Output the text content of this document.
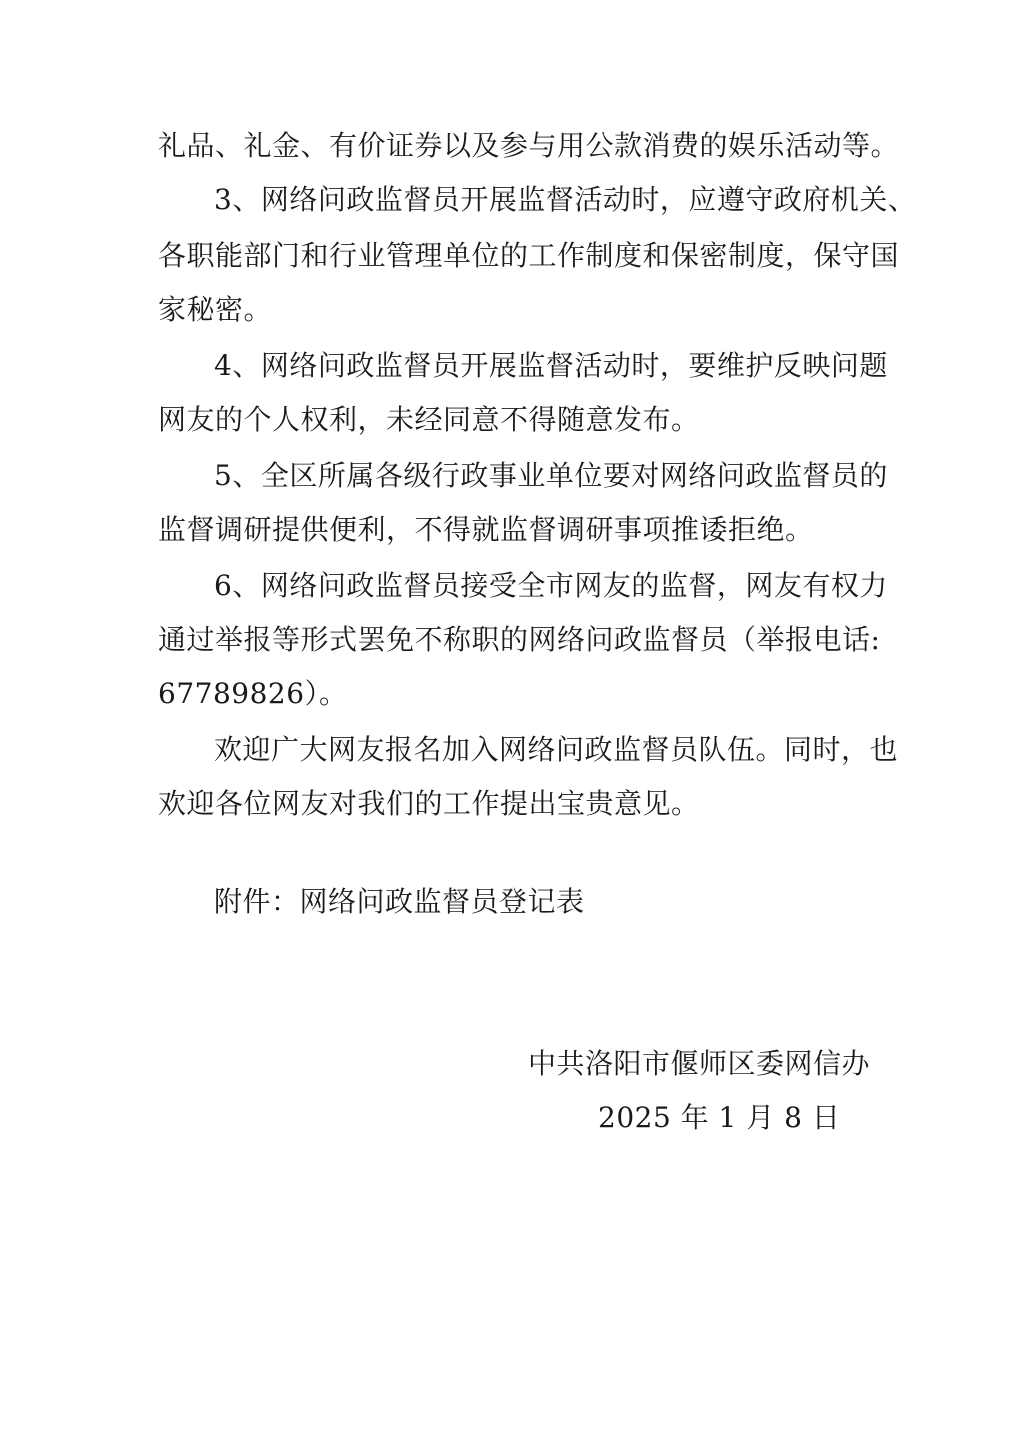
礼品、礼金、有价证券以及参与用公款消费的娱乐活动等。
3、网络问政监督员开展监督活动时，应遵守政府机关、
各职能部门和行业管理单位的工作制度和保密制度，保守国
家秘密。
4、网络问政监督员开展监督活动时，要维护反映问题
网友的个人权利，未经同意不得随意发布。
5、全区所属各级行政事业单位要对网络问政监督员的
监督调研提供便利，不得就监督调研事项推诿拒绝。
6、网络问政监督员接受全市网友的监督，网友有权力
通过举报等形式罢免不称职的网络问政监督员（举报电话:
67789826）。
欢迎广大网友报名加入网络问政监督员队伍。同时，也
欢迎各位网友对我们的工作提出宝贵意见。
附件：网络问政监督员登记表
中共洛阳市偃师区委网信办
2025 年 1 月 8 日
